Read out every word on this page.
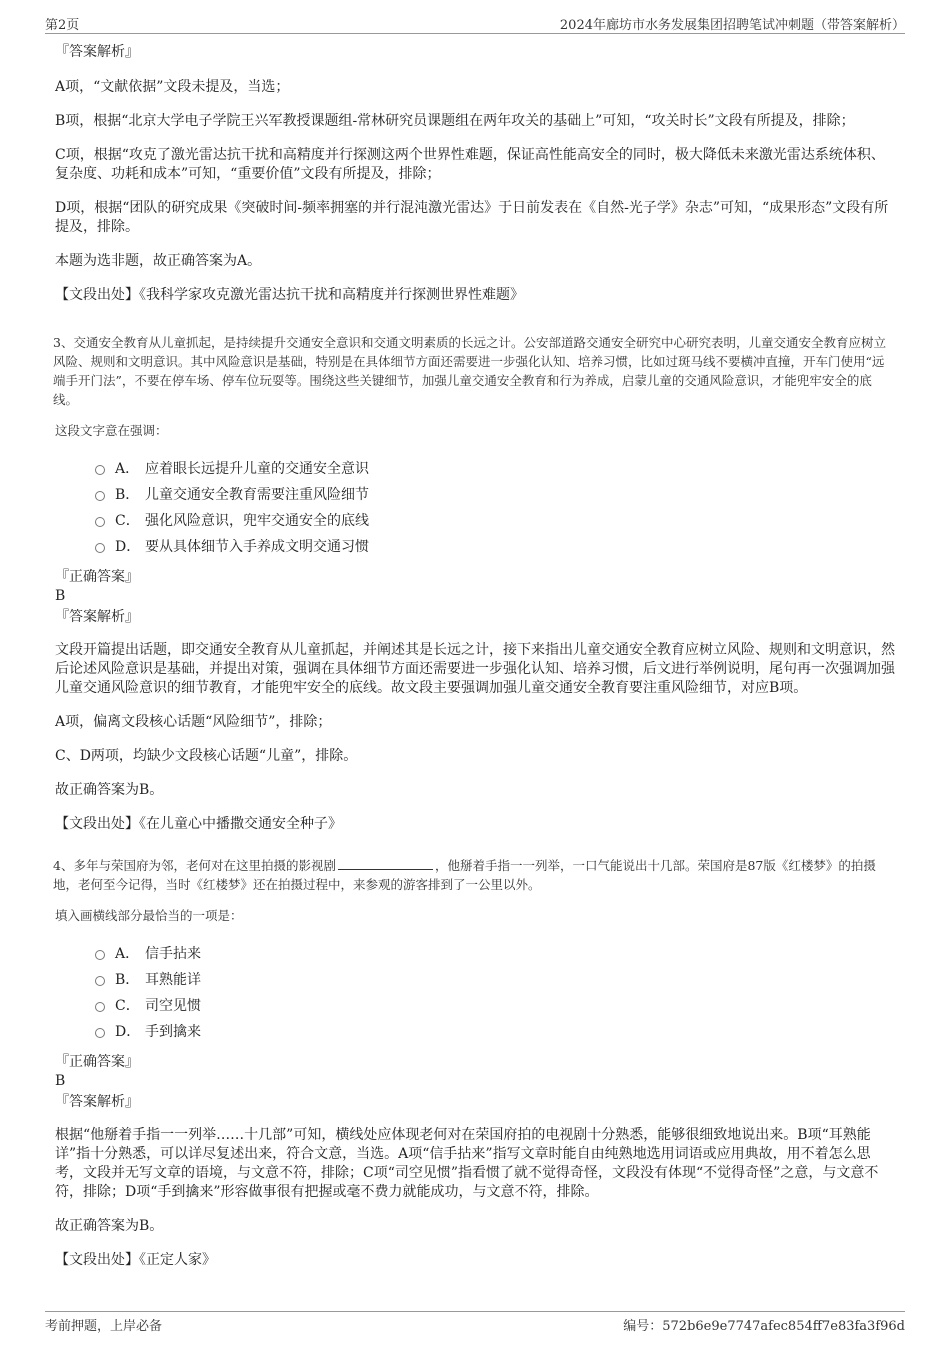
第2页	2024年廊坊市水务发展集团招聘笔试冲刺题（带答案解析）
『答案解析』
A项，“文献依据”文段未提及，当选；
B项，根据“北京大学电子学院王兴军教授课题组-常林研究员课题组在两年攻关的基础上”可知，“攻关时长”文段有所提及，排除；
C项，根据“攻克了激光雷达抗干扰和高精度并行探测这两个世界性难题，保证高性能高安全的同时，极大降低未来激光雷达系统体积、复杂度、功耗和成本”可知，“重要价值”文段有所提及，排除；
D项，根据“团队的研究成果《突破时间-频率拥塞的并行混沌激光雷达》于日前发表在《自然-光子学》杂志”可知，“成果形态”文段有所提及，排除。
本题为选非题，故正确答案为A。
【文段出处】《我科学家攻克激光雷达抗干扰和高精度并行探测世界性难题》
3、交通安全教育从儿童抓起，是持续提升交通安全意识和交通文明素质的长远之计。公安部道路交通安全研究中心研究表明，儿童交通安全教育应树立风险、规则和文明意识。其中风险意识是基础，特别是在具体细节方面还需要进一步强化认知、培养习惯，比如过斑马线不要横冲直撞，开车门使用“远端手开门法”，不要在停车场、停车位玩耍等。围绕这些关键细节，加强儿童交通安全教育和行为养成，启蒙儿童的交通风险意识，才能兜牢安全的底线。
这段文字意在强调：
A． 应着眼长远提升儿童的交通安全意识
B． 儿童交通安全教育需要注重风险细节
C． 强化风险意识，兜牢交通安全的底线
D． 要从具体细节入手养成文明交通习惯
『正确答案』
B
『答案解析』
文段开篇提出话题，即交通安全教育从儿童抓起，并阐述其是长远之计，接下来指出儿童交通安全教育应树立风险、规则和文明意识，然后论述风险意识是基础，并提出对策，强调在具体细节方面还需要进一步强化认知、培养习惯，后文进行举例说明，尾句再一次强调加强儿童交通风险意识的细节教育，才能兜牢安全的底线。故文段主要强调加强儿童交通安全教育要注重风险细节，对应B项。
A项，偏离文段核心话题“风险细节”，排除；
C、D两项，均缺少文段核心话题“儿童”，排除。
故正确答案为B。
【文段出处】《在儿童心中播撒交通安全种子》
4、多年与荣国府为邻，老何对在这里拍摄的影视剧	，他掰着手指一一列举，一口气能说出十几部。荣国府是87版《红楼梦》的拍摄地，老何至今记得，当时《红楼梦》还在拍摄过程中，来参观的游客排到了一公里以外。
填入画横线部分最恰当的一项是：
A． 信手拈来
B． 耳熟能详
C． 司空见惯
D． 手到擒来
『正确答案』
B
『答案解析』
根据“他掰着手指一一列举……十几部”可知，横线处应体现老何对在荣国府拍的电视剧十分熟悉，能够很细致地说出来。B项“耳熟能详”指十分熟悉，可以详尽复述出来，符合文意，当选。A项“信手拈来”指写文章时能自由纯熟地选用词语或应用典故，用不着怎么思考，文段并无写文章的语境，与文意不符，排除；C项“司空见惯”指看惯了就不觉得奇怪，文段没有体现“不觉得奇怪”之意，与文意不符，排除；D项“手到擒来”形容做事很有把握或毫不费力就能成功，与文意不符，排除。
故正确答案为B。
【文段出处】《正定人家》
考前押题，上岸必备	编号：572b6e9e7747afec854ff7e83fa3f96d
